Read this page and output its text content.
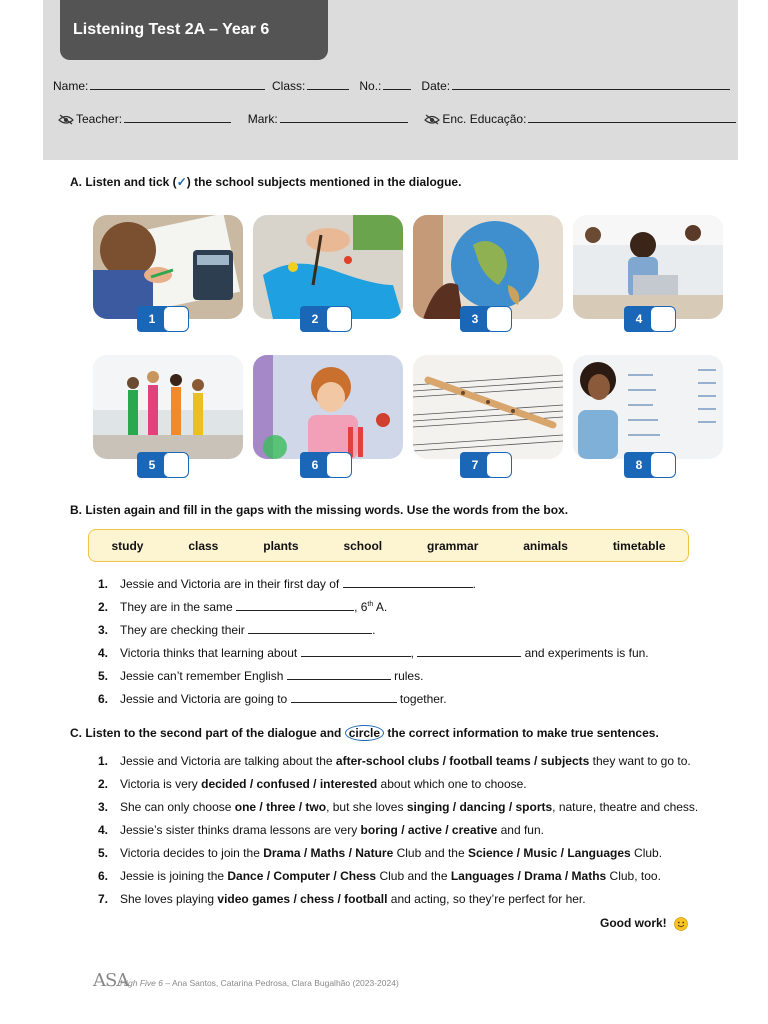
Listening Test 2A – Year 6
Name:	Class:	No.:	Date:
Teacher:	Mark:	Enc. Educação:
A. Listen and tick (✓) the school subjects mentioned in the dialogue.
1	2	3	4
5	6	7	8
B. Listen again and fill in the gaps with the missing words. Use the words from the box.
study	class	plants	school	grammar	animals	timetable
1. Jessie and Victoria are in their first day of	.
2. They are in the same	, 6th A.
3. They are checking their	.
4. Victoria thinks that learning about	,	and experiments is fun.
5. Jessie can’t remember English	rules.
6. Jessie and Victoria are going to	together.
C. Listen to the second part of the dialogue and circle the correct information to make true sentences.
1. Jessie and Victoria are talking about the after-school clubs / football teams / subjects they want to go to.
2. Victoria is very decided / confused / interested about which one to choose.
3. She can only choose one / three / two, but she loves singing / dancing / sports, nature, theatre and chess.
4. Jessie’s sister thinks drama lessons are very boring / active / creative and fun.
5. Victoria decides to join the Drama / Maths / Nature Club and the Science / Music / Languages Club.
6. Jessie is joining the Dance / Computer / Chess Club and the Languages / Drama / Maths Club, too.
7. She loves playing video games / chess / football and acting, so they’re perfect for her.
Good work!
ASA
High Five 6 – Ana Santos, Catarina Pedrosa, Clara Bugalhão (2023-2024)
